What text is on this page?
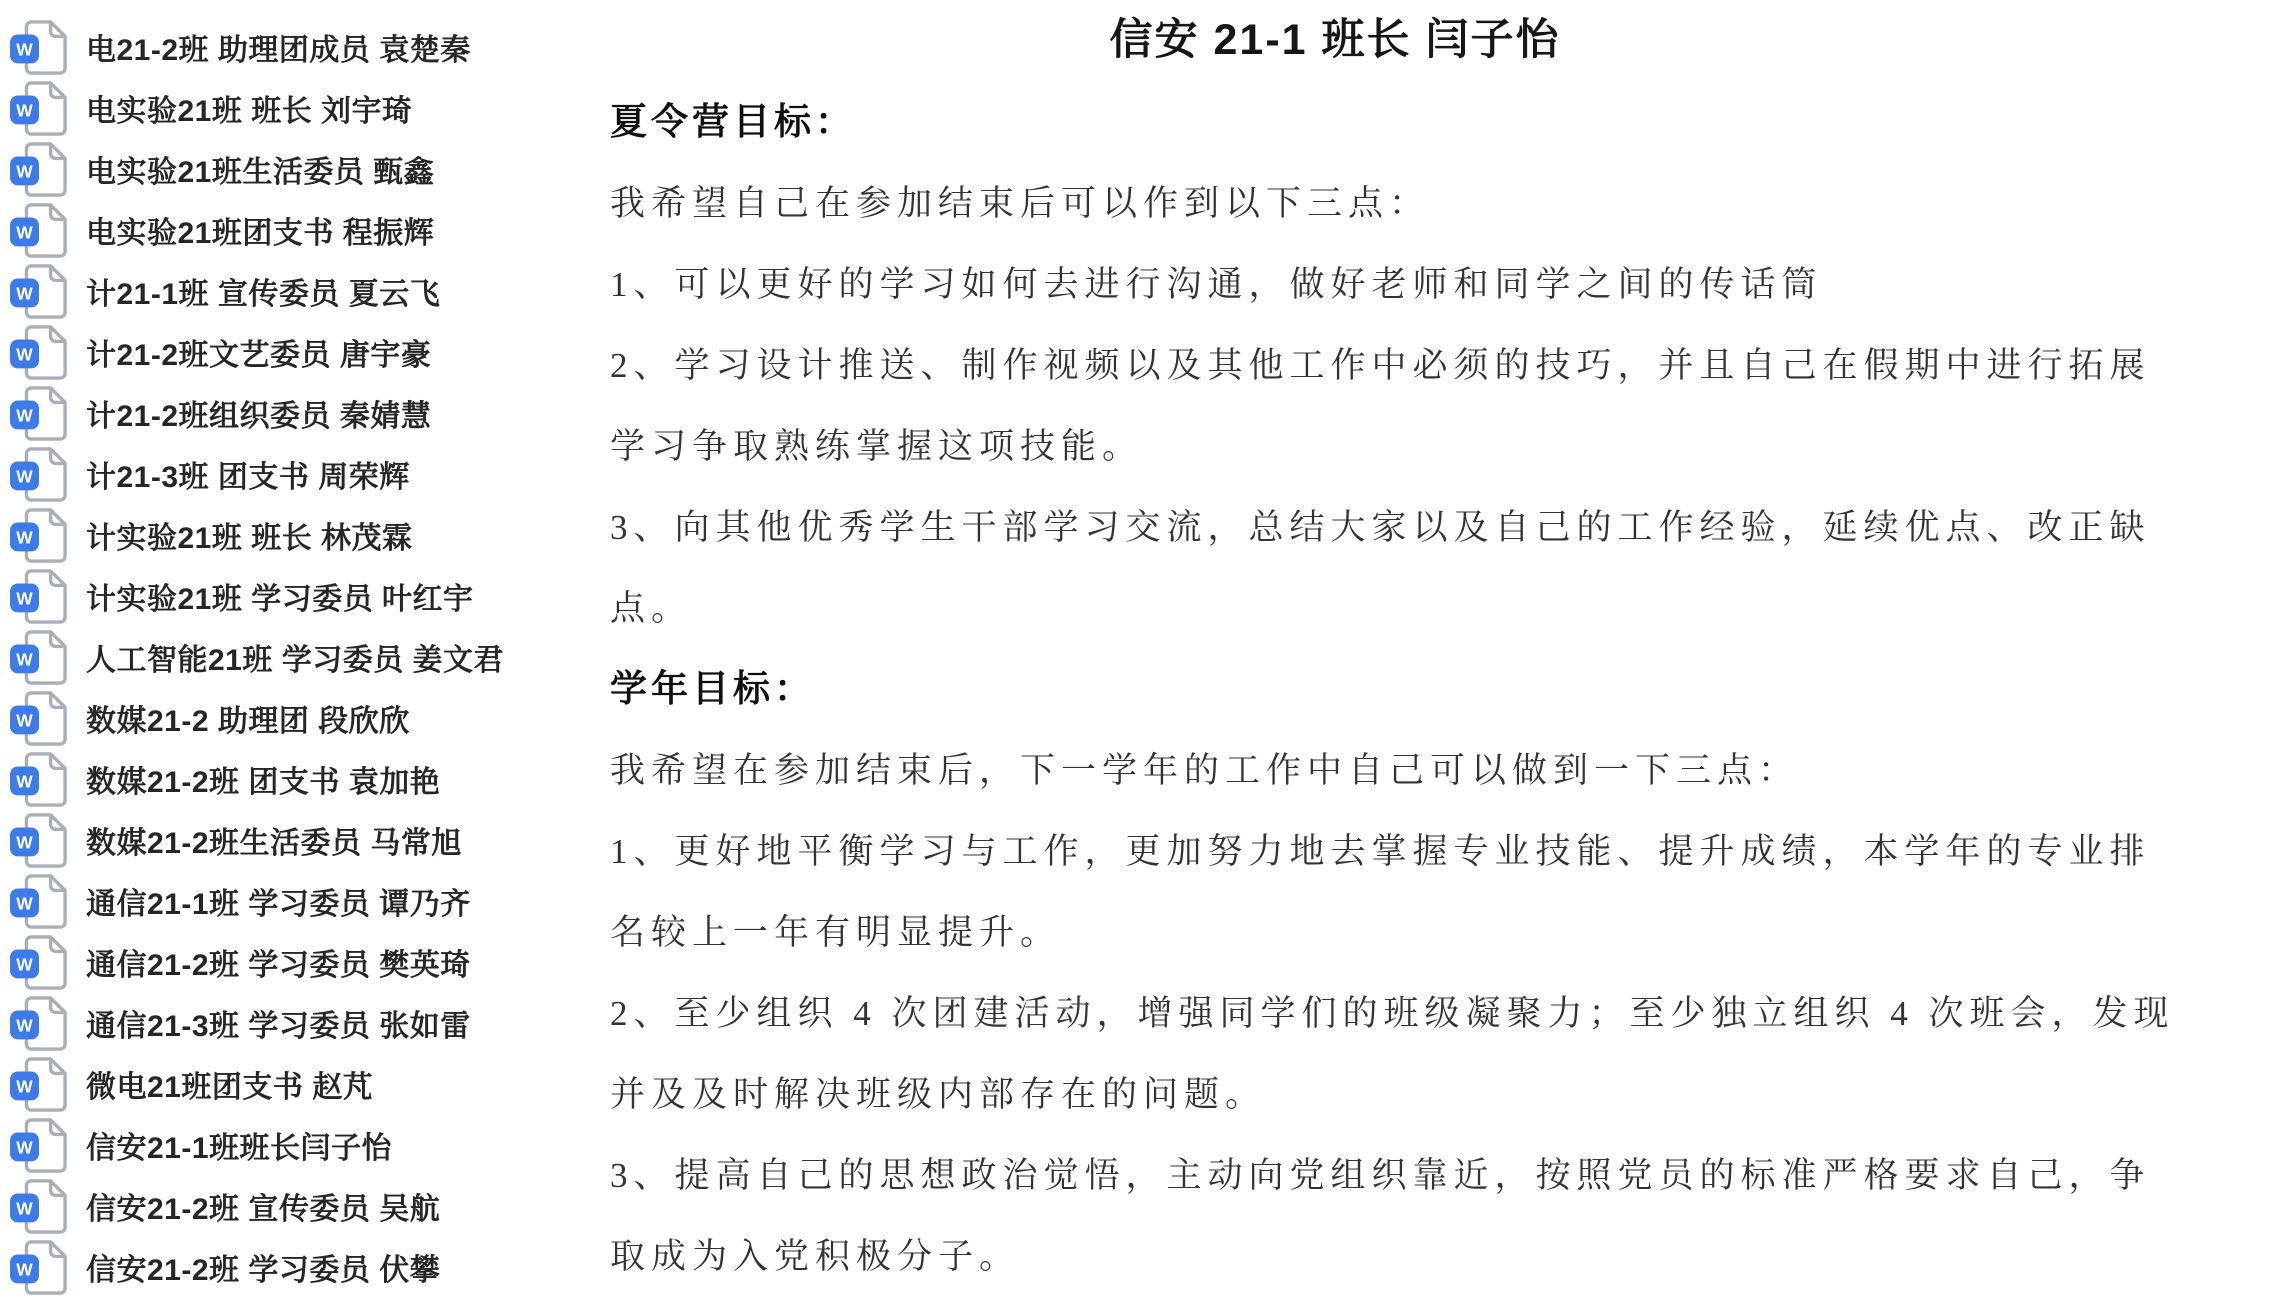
W 电21-2班 助理团成员 袁楚秦
W 电实验21班 班长 刘宇琦
W 电实验21班生活委员 甄鑫
W 电实验21班团支书 程振辉
W 计21-1班 宣传委员 夏云飞
W 计21-2班文艺委员 唐宇豪
W 计21-2班组织委员 秦婧慧
W 计21-3班 团支书 周荣辉
W 计实验21班 班长 林茂霖
W 计实验21班 学习委员 叶红宇
W 人工智能21班 学习委员 姜文君
W 数媒21-2 助理团 段欣欣
W 数媒21-2班 团支书 袁加艳
W 数媒21-2班生活委员 马常旭
W 通信21-1班 学习委员 谭乃齐
W 通信21-2班 学习委员 樊英琦
W 通信21-3班 学习委员 张如雷
W 微电21班团支书 赵芃
W 信安21-1班班长闫子怡
W 信安21-2班 宣传委员 吴航
W 信安21-2班 学习委员 伏攀
信安 21-1 班长 闫子怡
夏令营目标：
我希望自己在参加结束后可以作到以下三点：
1、可以更好的学习如何去进行沟通，做好老师和同学之间的传话筒
2、学习设计推送、制作视频以及其他工作中必须的技巧，并且自己在假期中进行拓展
学习争取熟练掌握这项技能。
3、向其他优秀学生干部学习交流，总结大家以及自己的工作经验，延续优点、改正缺
点。
学年目标：
我希望在参加结束后，下一学年的工作中自己可以做到一下三点：
1、更好地平衡学习与工作，更加努力地去掌握专业技能、提升成绩，本学年的专业排
名较上一年有明显提升。
2、至少组织 4 次团建活动，增强同学们的班级凝聚力；至少独立组织 4 次班会，发现
并及及时解决班级内部存在的问题。
3、提高自己的思想政治觉悟，主动向党组织靠近，按照党员的标准严格要求自己，争
取成为入党积极分子。
